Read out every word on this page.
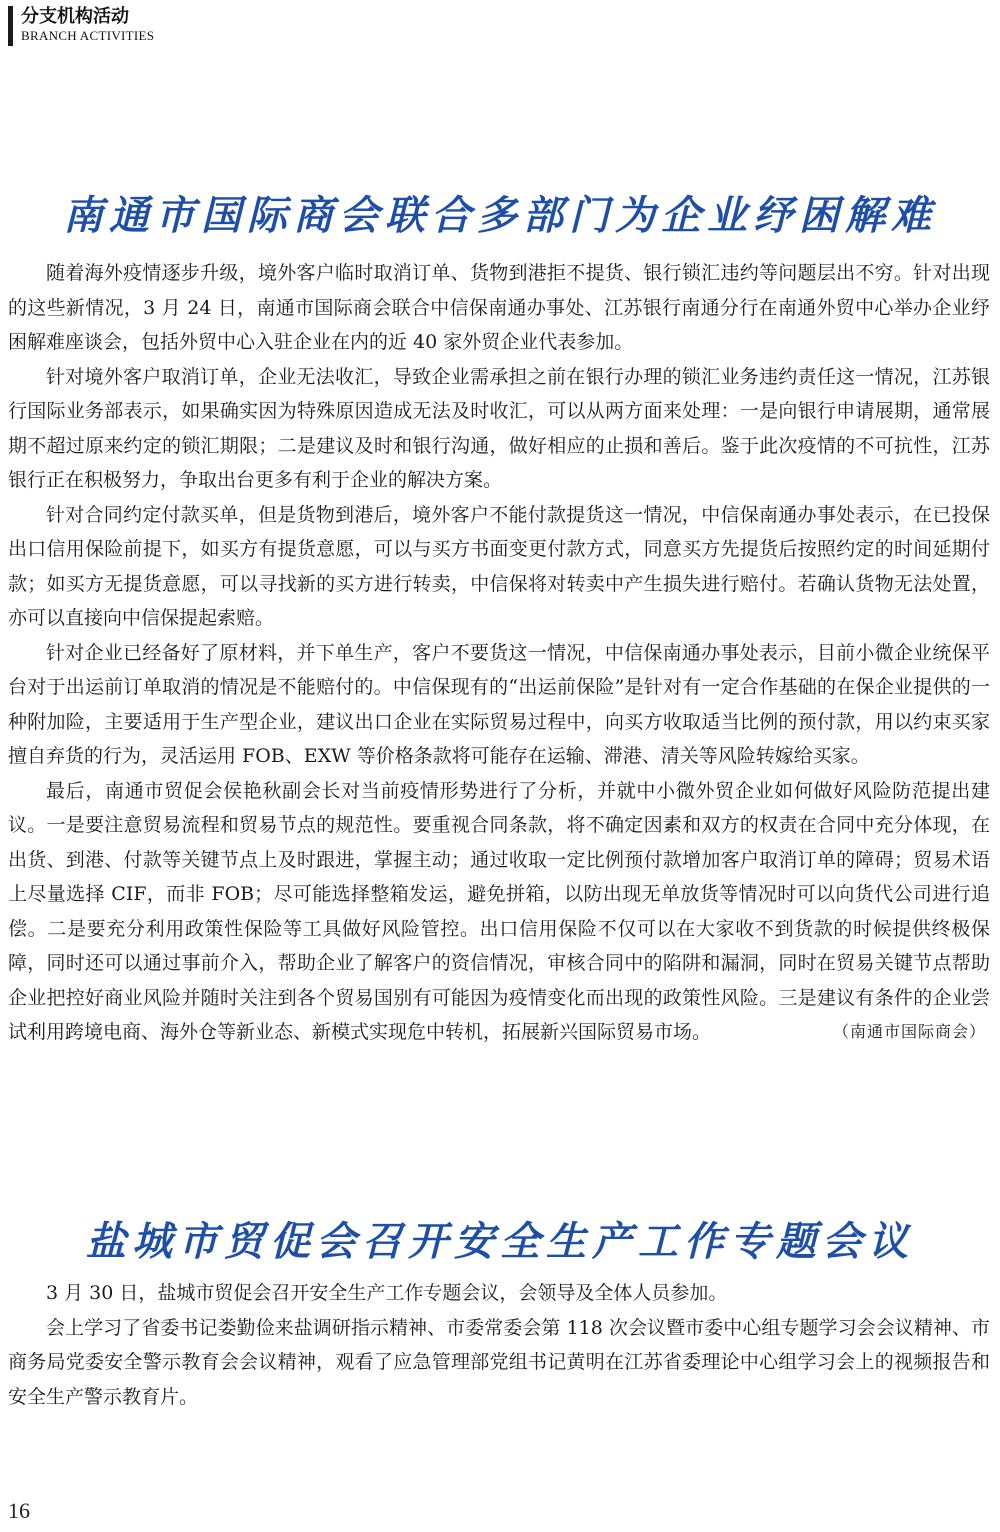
分支机构活动
BRANCH ACTIVITIES
南通市国际商会联合多部门为企业纾困解难

随着海外疫情逐步升级，境外客户临时取消订单、货物到港拒不提货、银行锁汇违约等问题层出不穷。针对出现的这些新情况，3 月 24 日，南通市国际商会联合中信保南通办事处、江苏银行南通分行在南通外贸中心举办企业纾困解难座谈会，包括外贸中心入驻企业在内的近 40 家外贸企业代表参加。

针对境外客户取消订单，企业无法收汇，导致企业需承担之前在银行办理的锁汇业务违约责任这一情况，江苏银行国际业务部表示，如果确实因为特殊原因造成无法及时收汇，可以从两方面来处理：一是向银行申请展期，通常展期不超过原来约定的锁汇期限；二是建议及时和银行沟通，做好相应的止损和善后。鉴于此次疫情的不可抗性，江苏银行正在积极努力，争取出台更多有利于企业的解决方案。

针对合同约定付款买单，但是货物到港后，境外客户不能付款提货这一情况，中信保南通办事处表示，在已投保出口信用保险前提下，如买方有提货意愿，可以与买方书面变更付款方式，同意买方先提货后按照约定的时间延期付款；如买方无提货意愿，可以寻找新的买方进行转卖，中信保将对转卖中产生损失进行赔付。若确认货物无法处置，亦可以直接向中信保提起索赔。

针对企业已经备好了原材料，并下单生产，客户不要货这一情况，中信保南通办事处表示，目前小微企业统保平台对于出运前订单取消的情况是不能赔付的。中信保现有的“出运前保险”是针对有一定合作基础的在保企业提供的一种附加险，主要适用于生产型企业，建议出口企业在实际贸易过程中，向买方收取适当比例的预付款，用以约束买家擅自弃货的行为，灵活运用 FOB、EXW 等价格条款将可能存在运输、滞港、清关等风险转嫁给买家。

最后，南通市贸促会侯艳秋副会长对当前疫情形势进行了分析，并就中小微外贸企业如何做好风险防范提出建议。一是要注意贸易流程和贸易节点的规范性。要重视合同条款，将不确定因素和双方的权责在合同中充分体现，在出货、到港、付款等关键节点上及时跟进，掌握主动；通过收取一定比例预付款增加客户取消订单的障碍；贸易术语上尽量选择 CIF，而非 FOB；尽可能选择整箱发运，避免拼箱，以防出现无单放货等情况时可以向货代公司进行追偿。二是要充分利用政策性保险等工具做好风险管控。出口信用保险不仅可以在大家收不到货款的时候提供终极保障，同时还可以通过事前介入，帮助企业了解客户的资信情况，审核合同中的陷阱和漏洞，同时在贸易关键节点帮助企业把控好商业风险并随时关注到各个贸易国别有可能因为疫情变化而出现的政策性风险。三是建议有条件的企业尝试利用跨境电商、海外仓等新业态、新模式实现危中转机，拓展新兴国际贸易市场。	（南通市国际商会）
盐城市贸促会召开安全生产工作专题会议

3 月 30 日，盐城市贸促会召开安全生产工作专题会议，会领导及全体人员参加。

会上学习了省委书记娄勤俭来盐调研指示精神、市委常委会第 118 次会议暨市委中心组专题学习会会议精神、市商务局党委安全警示教育会会议精神，观看了应急管理部党组书记黄明在江苏省委理论中心组学习会上的视频报告和安全生产警示教育片。

16
